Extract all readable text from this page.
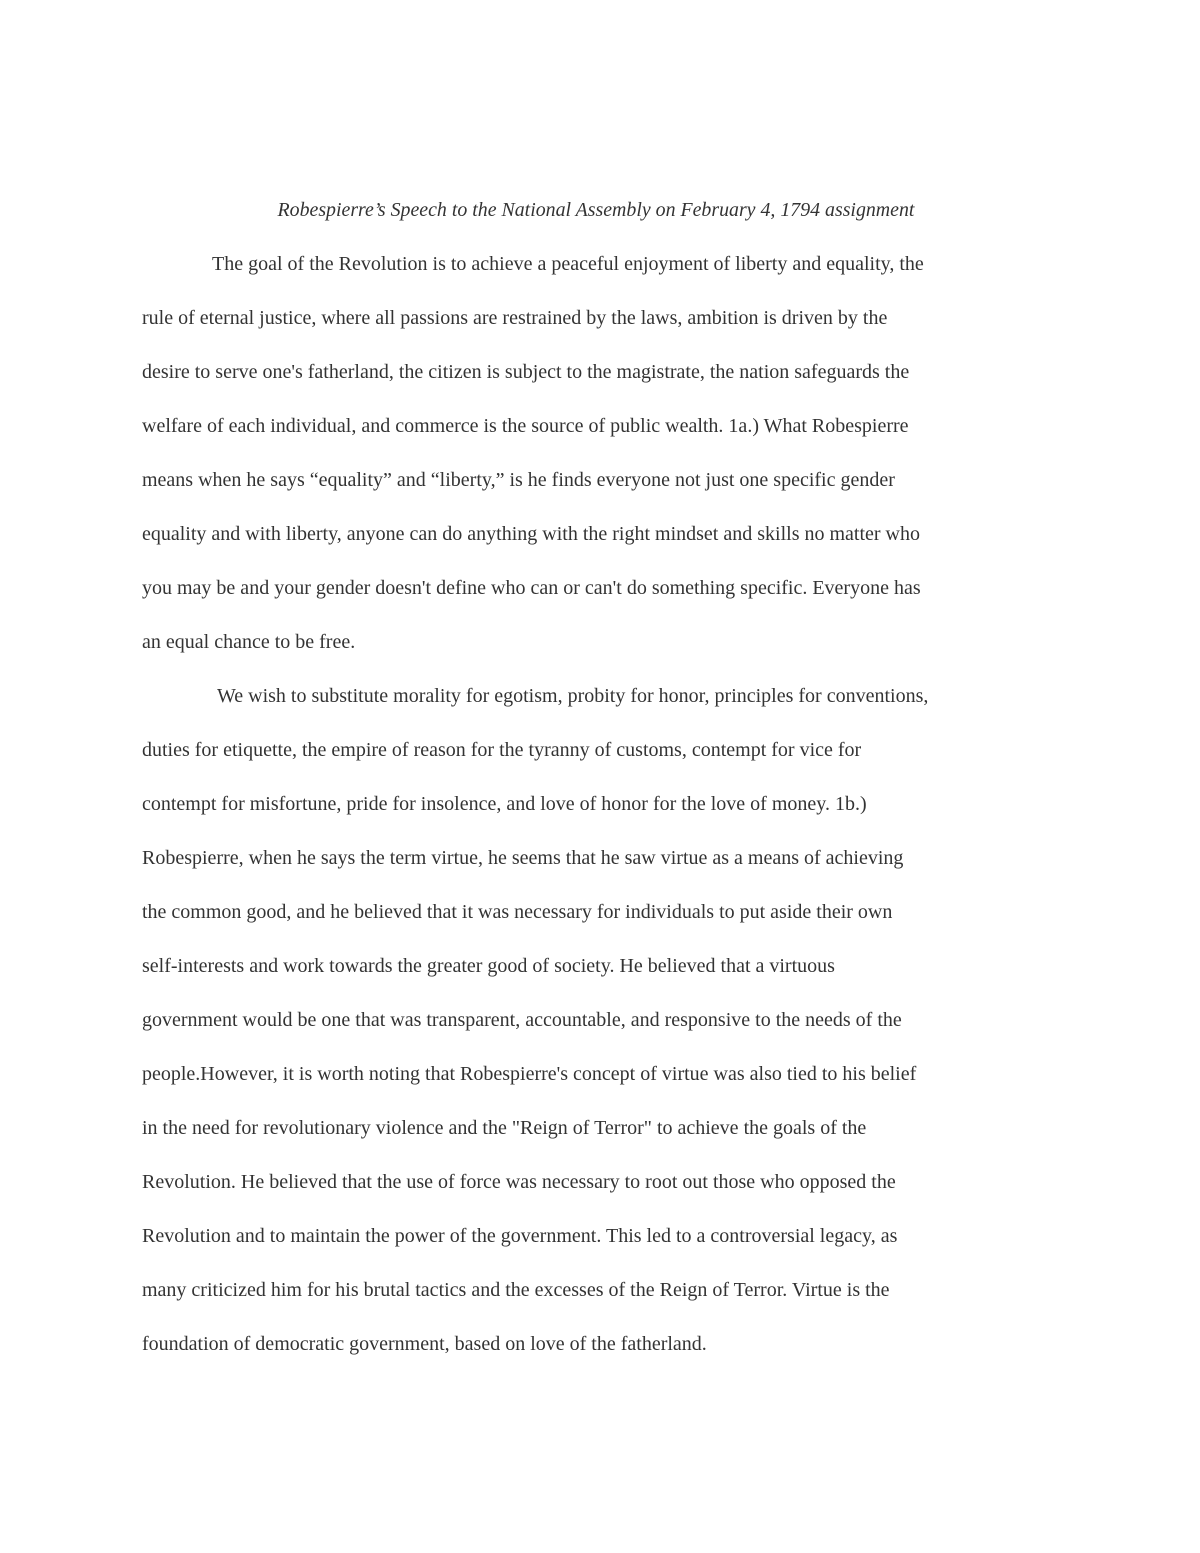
Robespierre’s Speech to the National Assembly on February 4, 1794 assignment
The goal of the Revolution is to achieve a peaceful enjoyment of liberty and equality, the
rule of eternal justice, where all passions are restrained by the laws, ambition is driven by the
desire to serve one's fatherland, the citizen is subject to the magistrate, the nation safeguards the
welfare of each individual, and commerce is the source of public wealth. 1a.) What Robespierre
means when he says “equality” and “liberty,” is he finds everyone not just one specific gender
equality and with liberty, anyone can do anything with the right mindset and skills no matter who
you may be and your gender doesn't define who can or can't do something specific. Everyone has
an equal chance to be free.
We wish to substitute morality for egotism, probity for honor, principles for conventions,
duties for etiquette, the empire of reason for the tyranny of customs, contempt for vice for
contempt for misfortune, pride for insolence, and love of honor for the love of money. 1b.)
Robespierre, when he says the term virtue, he seems that he saw virtue as a means of achieving
the common good, and he believed that it was necessary for individuals to put aside their own
self-interests and work towards the greater good of society. He believed that a virtuous
government would be one that was transparent, accountable, and responsive to the needs of the
people.However, it is worth noting that Robespierre's concept of virtue was also tied to his belief
in the need for revolutionary violence and the "Reign of Terror" to achieve the goals of the
Revolution. He believed that the use of force was necessary to root out those who opposed the
Revolution and to maintain the power of the government. This led to a controversial legacy, as
many criticized him for his brutal tactics and the excesses of the Reign of Terror. Virtue is the
foundation of democratic government, based on love of the fatherland.
